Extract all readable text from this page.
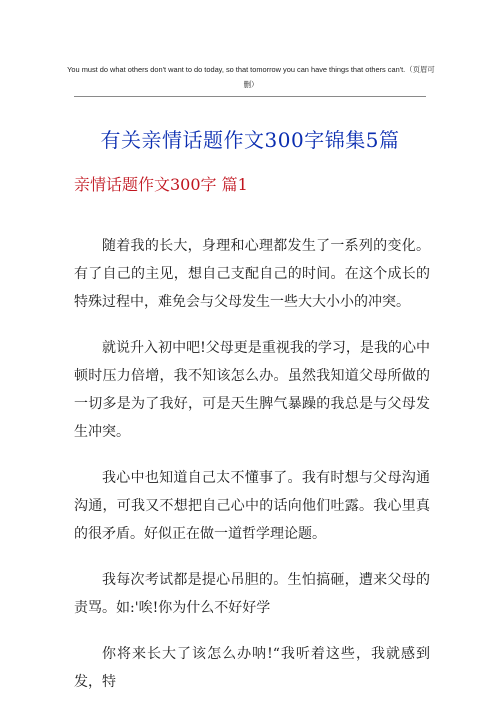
You must do what others don't want to do today, so that tomorrow you can have things that others can't.（页眉可删）
有关亲情话题作文300字锦集5篇
亲情话题作文300字 篇1

随着我的长大，身理和心理都发生了一系列的变化。有了自己的主见，想自己支配自己的时间。在这个成长的特殊过程中，难免会与父母发生一些大大小小的冲突。

就说升入初中吧!父母更是重视我的学习，是我的心中顿时压力倍增，我不知该怎么办。虽然我知道父母所做的一切多是为了我好，可是天生脾气暴躁的我总是与父母发生冲突。

我心中也知道自己太不懂事了。我有时想与父母沟通沟通，可我又不想把自己心中的话向他们吐露。我心里真的很矛盾。好似正在做一道哲学理论题。

我每次考试都是提心吊胆的。生怕搞砸，遭来父母的责骂。如:'唉!你为什么不好好学

你将来长大了该怎么办呐!“我听着这些，我就感到发，特
